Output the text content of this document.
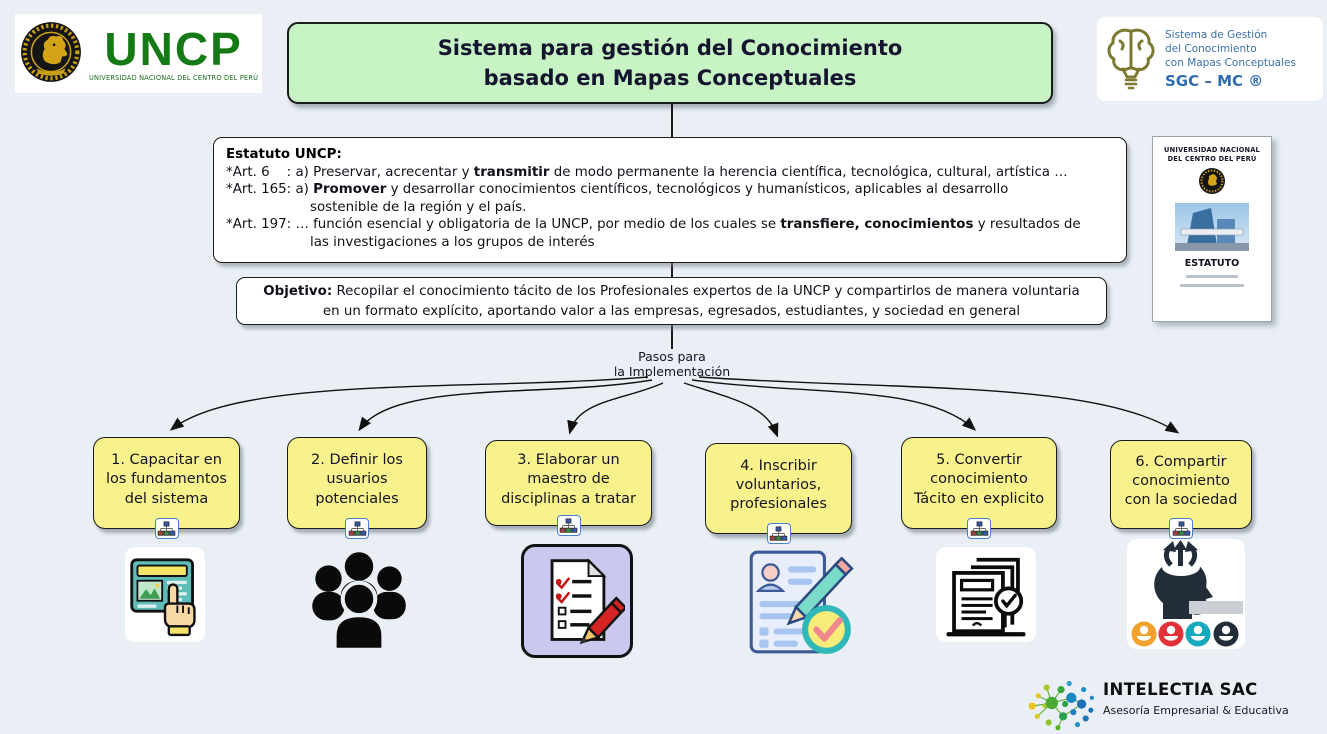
UNCP
UNIVERSIDAD NACIONAL DEL CENTRO DEL PERÚ
Sistema para gestión del Conocimiento
basado en Mapas Conceptuales
Sistema de Gestión
del Conocimiento
con Mapas Conceptuales
SGC – MC ®
Estatuto UNCP:
*Art. 6    : a) Preservar, acrecentar y transmitir de modo permanente la herencia científica, tecnológica, cultural, artística …
*Art. 165: a) Promover y desarrollar conocimientos científicos, tecnológicos y humanísticos, aplicables al desarrollo
sostenible de la región y el país.
*Art. 197: … función esencial y obligatoria de la UNCP, por medio de los cuales se transfiere, conocimientos y resultados de
las investigaciones a los grupos de interés
Objetivo: Recopilar el conocimiento tácito de los Profesionales expertos de la UNCP y compartirlos de manera voluntaria
en un formato explícito, aportando valor a las empresas, egresados, estudiantes, y sociedad en general
UNIVERSIDAD NACIONAL
DEL CENTRO DEL PERÚ
ESTATUTO
Pasos para
la Implementación
1. Capacitar en los fundamentos del sistema
2. Definir los usuarios potenciales
3. Elaborar un maestro de disciplinas a tratar
4. Inscribir voluntarios, profesionales
5. Convertir conocimiento Tácito en explicito
6. Compartir conocimiento con la sociedad
INTELECTIA SAC
Asesoría Empresarial & Educativa
